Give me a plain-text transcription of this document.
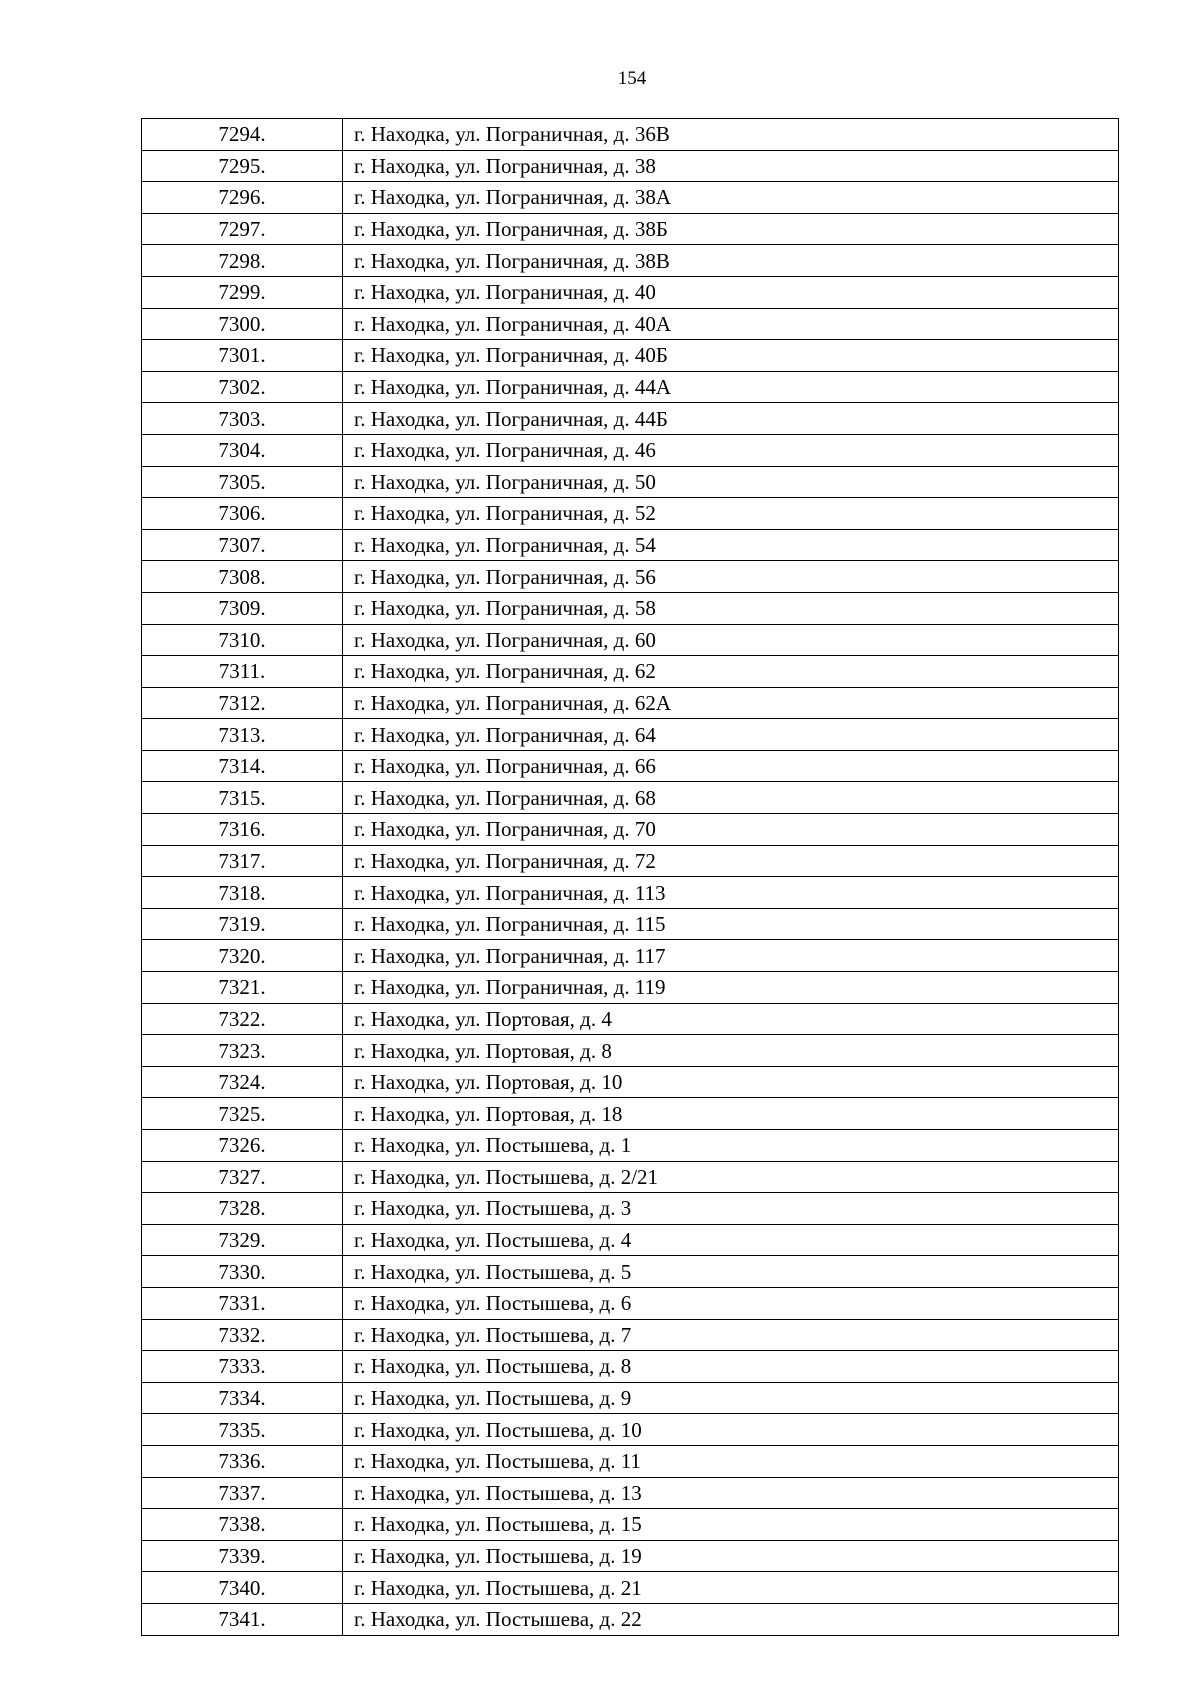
154
7294.	г. Находка, ул. Пограничная, д. 36В
7295.	г. Находка, ул. Пограничная, д. 38
7296.	г. Находка, ул. Пограничная, д. 38А
7297.	г. Находка, ул. Пограничная, д. 38Б
7298.	г. Находка, ул. Пограничная, д. 38В
7299.	г. Находка, ул. Пограничная, д. 40
7300.	г. Находка, ул. Пограничная, д. 40А
7301.	г. Находка, ул. Пограничная, д. 40Б
7302.	г. Находка, ул. Пограничная, д. 44А
7303.	г. Находка, ул. Пограничная, д. 44Б
7304.	г. Находка, ул. Пограничная, д. 46
7305.	г. Находка, ул. Пограничная, д. 50
7306.	г. Находка, ул. Пограничная, д. 52
7307.	г. Находка, ул. Пограничная, д. 54
7308.	г. Находка, ул. Пограничная, д. 56
7309.	г. Находка, ул. Пограничная, д. 58
7310.	г. Находка, ул. Пограничная, д. 60
7311.	г. Находка, ул. Пограничная, д. 62
7312.	г. Находка, ул. Пограничная, д. 62А
7313.	г. Находка, ул. Пограничная, д. 64
7314.	г. Находка, ул. Пограничная, д. 66
7315.	г. Находка, ул. Пограничная, д. 68
7316.	г. Находка, ул. Пограничная, д. 70
7317.	г. Находка, ул. Пограничная, д. 72
7318.	г. Находка, ул. Пограничная, д. 113
7319.	г. Находка, ул. Пограничная, д. 115
7320.	г. Находка, ул. Пограничная, д. 117
7321.	г. Находка, ул. Пограничная, д. 119
7322.	г. Находка, ул. Портовая, д. 4
7323.	г. Находка, ул. Портовая, д. 8
7324.	г. Находка, ул. Портовая, д. 10
7325.	г. Находка, ул. Портовая, д. 18
7326.	г. Находка, ул. Постышева, д. 1
7327.	г. Находка, ул. Постышева, д. 2/21
7328.	г. Находка, ул. Постышева, д. 3
7329.	г. Находка, ул. Постышева, д. 4
7330.	г. Находка, ул. Постышева, д. 5
7331.	г. Находка, ул. Постышева, д. 6
7332.	г. Находка, ул. Постышева, д. 7
7333.	г. Находка, ул. Постышева, д. 8
7334.	г. Находка, ул. Постышева, д. 9
7335.	г. Находка, ул. Постышева, д. 10
7336.	г. Находка, ул. Постышева, д. 11
7337.	г. Находка, ул. Постышева, д. 13
7338.	г. Находка, ул. Постышева, д. 15
7339.	г. Находка, ул. Постышева, д. 19
7340.	г. Находка, ул. Постышева, д. 21
7341.	г. Находка, ул. Постышева, д. 22
